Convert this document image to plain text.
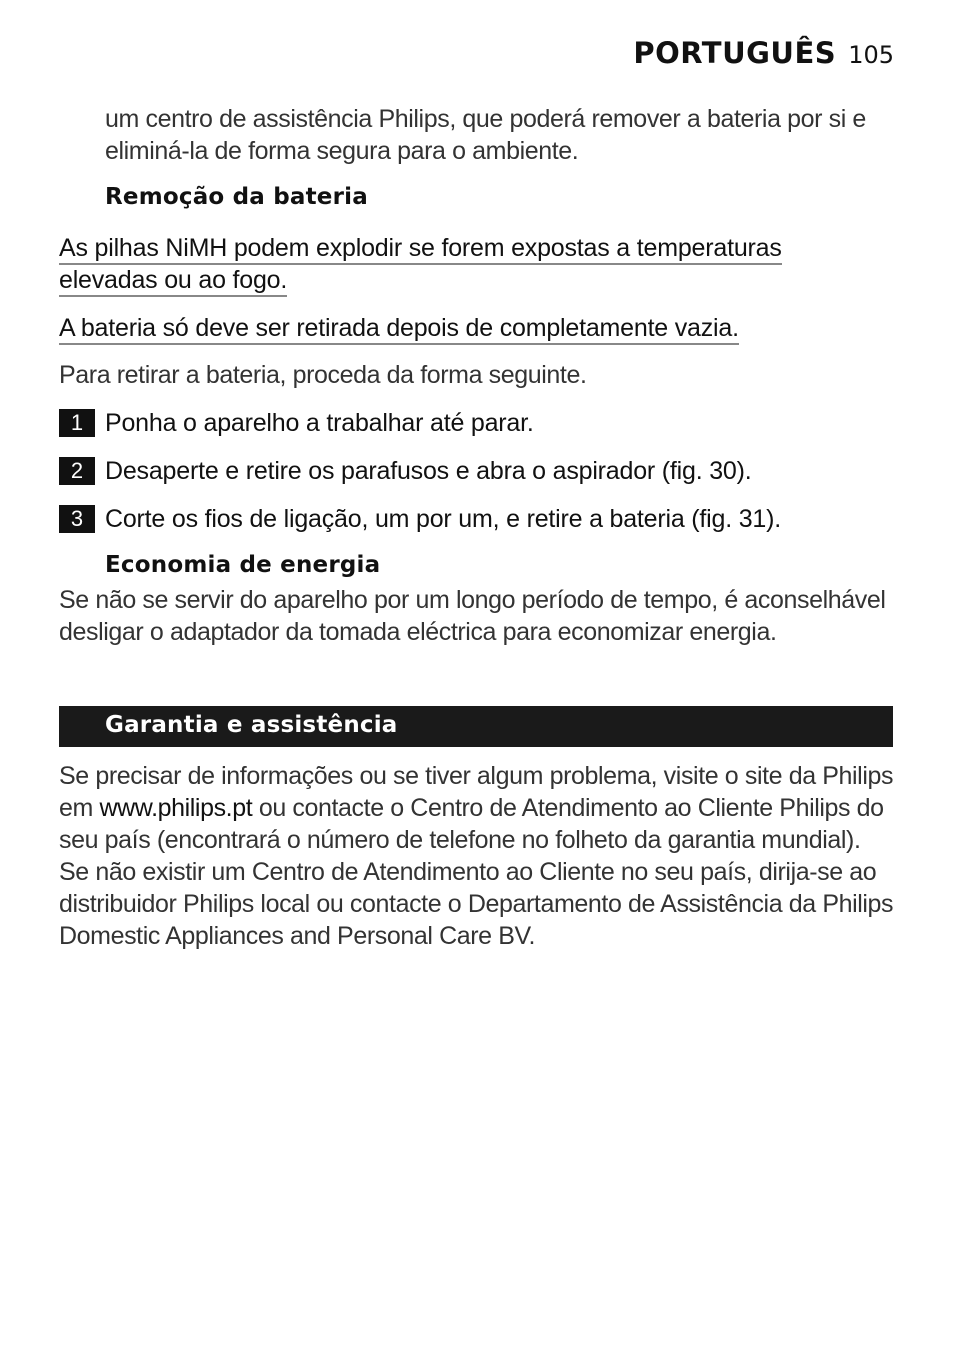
PORTUGUÊS 105

um centro de assistência Philips, que poderá remover a bateria por si e eliminá-la de forma segura para o ambiente.

Remoção da bateria

As pilhas NiMH podem explodir se forem expostas a temperaturas elevadas ou ao fogo.

A bateria só deve ser retirada depois de completamente vazia.

Para retirar a bateria, proceda da forma seguinte.

1 Ponha o aparelho a trabalhar até parar.
2 Desaperte e retire os parafusos e abra o aspirador (fig. 30).
3 Corte os fios de ligação, um por um, e retire a bateria (fig. 31).
Economia de energia

Se não se servir do aparelho por um longo período de tempo, é aconselhável desligar o adaptador da tomada eléctrica para economizar energia.

Garantia e assistência

Se precisar de informações ou se tiver algum problema, visite o site da Philips em www.philips.pt ou contacte o Centro de Atendimento ao Cliente Philips do seu país (encontrará o número de telefone no folheto da garantia mundial). Se não existir um Centro de Atendimento ao Cliente no seu país, dirija-se ao distribuidor Philips local ou contacte o Departamento de Assistência da Philips Domestic Appliances and Personal Care BV.
